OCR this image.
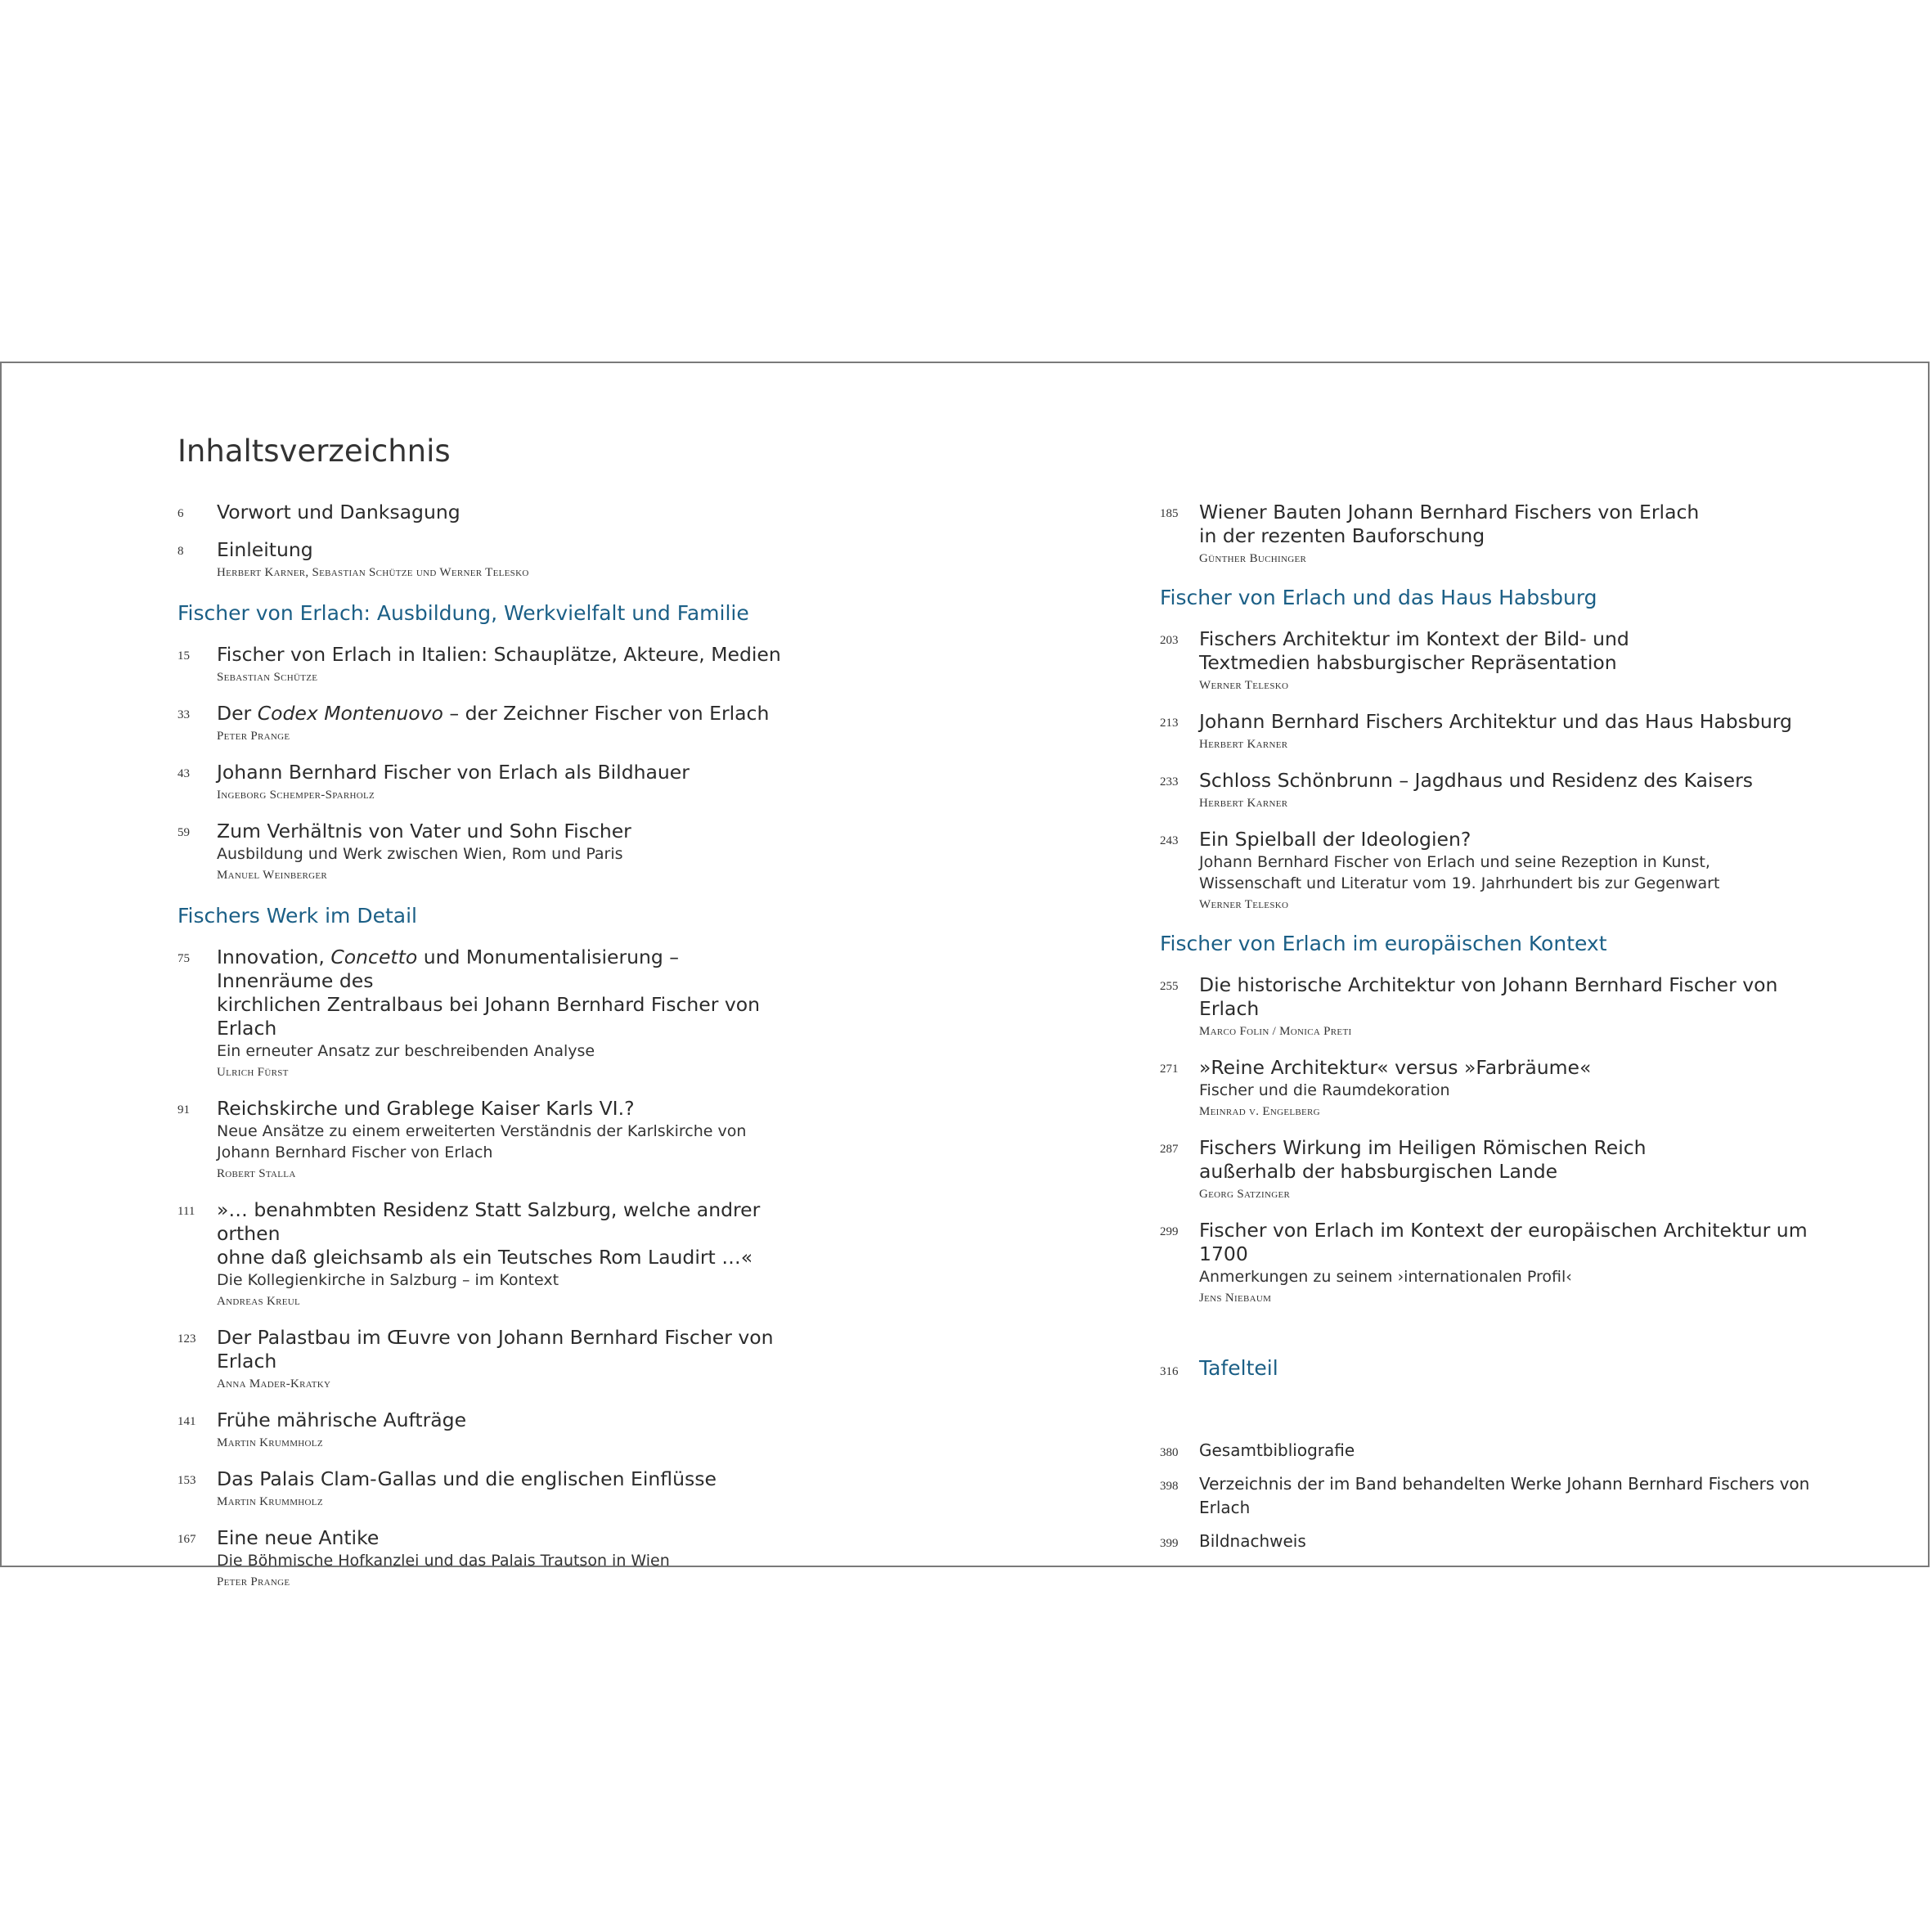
Inhaltsverzeichnis
6	Vorwort und Danksagung
8	Einleitung
Herbert Karner, Sebastian Schütze und Werner Telesko
Fischer von Erlach: Ausbildung, Werkvielfalt und Familie
15	Fischer von Erlach in Italien: Schauplätze, Akteure, Medien
Sebastian Schütze
33	Der Codex Montenuovo – der Zeichner Fischer von Erlach
Peter Prange
43	Johann Bernhard Fischer von Erlach als Bildhauer
Ingeborg Schemper-Sparholz
59	Zum Verhältnis von Vater und Sohn Fischer
Ausbildung und Werk zwischen Wien, Rom und Paris
Manuel Weinberger
Fischers Werk im Detail
75	Innovation, Concetto und Monumentalisierung – Innenräume des
kirchlichen Zentralbaus bei Johann Bernhard Fischer von Erlach
Ein erneuter Ansatz zur beschreibenden Analyse
Ulrich Fürst
91	Reichskirche und Grablege Kaiser Karls VI.?
Neue Ansätze zu einem erweiterten Verständnis der Karlskirche von
Johann Bernhard Fischer von Erlach
Robert Stalla
111	»… benahmbten Residenz Statt Salzburg, welche andrer orthen
ohne daß gleichsamb als ein Teutsches Rom Laudirt …«
Die Kollegienkirche in Salzburg – im Kontext
Andreas Kreul
123	Der Palastbau im Œuvre von Johann Bernhard Fischer von Erlach
Anna Mader-Kratky
141	Frühe mährische Aufträge
Martin Krummholz
153	Das Palais Clam-Gallas und die englischen Einflüsse
Martin Krummholz
167	Eine neue Antike
Die Böhmische Hofkanzlei und das Palais Trautson in Wien
Peter Prange
185	Wiener Bauten Johann Bernhard Fischers von Erlach
in der rezenten Bauforschung
Günther Buchinger
Fischer von Erlach und das Haus Habsburg
203	Fischers Architektur im Kontext der Bild- und
Textmedien habsburgischer Repräsentation
Werner Telesko
213	Johann Bernhard Fischers Architektur und das Haus Habsburg
Herbert Karner
233	Schloss Schönbrunn – Jagdhaus und Residenz des Kaisers
Herbert Karner
243	Ein Spielball der Ideologien?
Johann Bernhard Fischer von Erlach und seine Rezeption in Kunst,
Wissenschaft und Literatur vom 19. Jahrhundert bis zur Gegenwart
Werner Telesko
Fischer von Erlach im europäischen Kontext
255	Die historische Architektur von Johann Bernhard Fischer von Erlach
Marco Folin / Monica Preti
271	»Reine Architektur« versus »Farbräume«
Fischer und die Raumdekoration
Meinrad v. Engelberg
287	Fischers Wirkung im Heiligen Römischen Reich
außerhalb der habsburgischen Lande
Georg Satzinger
299	Fischer von Erlach im Kontext der europäischen Architektur um 1700
Anmerkungen zu seinem ›internationalen Profil‹
Jens Niebaum
316	Tafelteil
380	Gesamtbibliografie
398	Verzeichnis der im Band behandelten Werke Johann Bernhard Fischers von Erlach
399	Bildnachweis
